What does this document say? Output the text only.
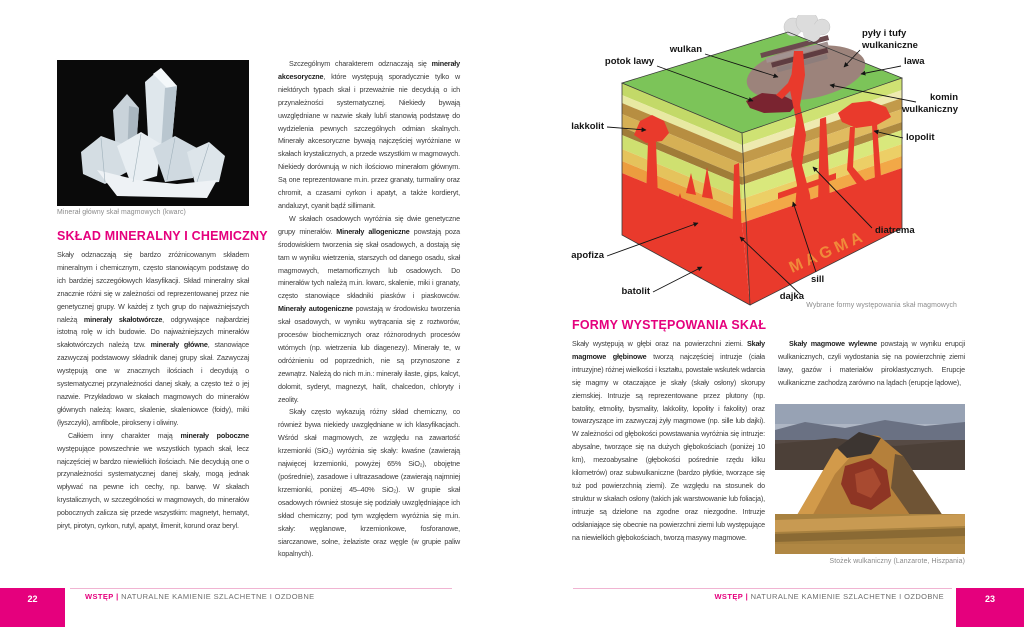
Minerał główny skał magmowych (kwarc)
SKŁAD MINERALNY I CHEMICZNY

Skały odznaczają się bardzo zróżnicowanym składem mineralnym i chemicznym, często stanowiącym podstawę do ich bardziej szczegółowych klasyfikacji. Skład mineralny skał znacznie różni się w zależności od reprezentowanej przez nie genetycznej grupy. W każdej z tych grup do najważniejszych należą minerały skałotwórcze, odgrywające najbardziej istotną rolę w ich budowie. Do najważniejszych minerałów skałotwórczych należą tzw. minerały główne, stanowiące zazwyczaj podstawowy składnik danej grupy skał. Zazwyczaj występują one w znacznych ilościach i decydują o systematycznej przynależności danej skały, a często też o jej nazwie. Przykładowo w skałach magmowych do minerałów głównych należą: kwarc, skalenie, skaleniowce (foidy), miki (łyszczyki), amfibole, pirokseny i oliwiny.

Całkiem inny charakter mają minerały poboczne występujące powszechnie we wszystkich typach skał, lecz najczęściej w bardzo niewielkich ilościach. Nie decydują one o przynależności systematycznej danej skały, mogą jednak wpływać na pewne ich cechy, np. barwę. W skałach krystalicznych, w szczególności w magmowych, do minerałów pobocznych zalicza się przede wszystkim: magnetyt, hematyt, piryt, pirotyn, cyrkon, rutyl, apatyt, ilmenit, korund oraz beryl.

Szczególnym charakterem odznaczają się minerały akcesoryczne, które występują sporadycznie tylko w niektórych typach skał i przeważnie nie decydują o ich przynależności systematycznej. Niekiedy bywają uwzględniane w nazwie skały lub/i stanowią podstawę do wydzielenia pewnych szczególnych odmian skalnych. Minerały akcesoryczne bywają najczęściej wyróżniane w skałach krystalicznych, a przede wszystkim w magmowych. Niekiedy dorównują w nich ilościowo minerałom głównym. Są one reprezentowane m.in. przez granaty, turmaliny oraz chromit, a czasami cyrkon i apatyt, a także kordieryt, andaluzyt, cyanit bądź sillimanit.

W skałach osadowych wyróżnia się dwie genetyczne grupy minerałów. Minerały allogeniczne powstają poza środowiskiem tworzenia się skał osadowych, a dostają się tam w wyniku wietrzenia, starszych od danego osadu, skał magmowych, metamorficznych lub osadowych. Do minerałów tych należą m.in. kwarc, skalenie, miki i granaty, często stanowiące składniki piasków i piaskowców. Minerały autogeniczne powstają w środowisku tworzenia skał osadowych, w wyniku wytrącania się z roztworów, procesów biochemicznych oraz różnorodnych procesów wtórnych (np. wietrzenia lub diagenezy). Minerały te, w odróżnieniu od poprzednich, nie są przynoszone z zewnątrz. Należą do nich m.in.: minerały ilaste, gips, kalcyt, dolomit, syderyt, magnezyt, halit, chalcedon, chloryty i zeolity.

Skały często wykazują różny skład chemiczny, co również bywa niekiedy uwzględniane w ich klasyfikacjach. Wśród skał magmowych, ze względu na zawartość krzemionki (SiO₂) wyróżnia się skały: kwaśne (zawierają najwięcej krzemionki, powyżej 65% SiO₂), obojętne (pośrednie), zasadowe i ultrazasadowe (zawierają najmniej krzemionki, poniżej 45–40% SiO₂). W grupie skał osadowych również stosuje się podziały uwzględniające ich skład chemiczny; pod tym względem wyróżnia się m.in. skały: węglanowe, krzemionkowe, fosforanowe, siarczanowe, solne, żelaziste oraz węgle (w grupie paliw kopalnych).

MAGMA
wulkan
potok lawy
pyły i tufy
wulkaniczne
lawa
komin
wulkaniczny
lopolit
lakkolit
apofiza
batolit	dajka
sill
diatrema
Wybrane formy występowania skał magmowych
FORMY WYSTĘPOWANIA SKAŁ

Skały występują w głębi oraz na powierzchni ziemi. Skały magmowe głębinowe tworzą najczęściej intruzje (ciała intruzyjne) różnej wielkości i kształtu, powstałe wskutek wdarcia się magmy w otaczające je skały (skały osłony) skorupy ziemskiej. Intruzje są reprezentowane przez plutony (np. batolity, etmolity, bysmality, lakkolity, lopolity i fakolity) oraz towarzyszące im zazwyczaj żyły magmowe (np. sille lub dajki). W zależności od głębokości powstawania wyróżnia się intruzje: abysalne, tworzące się na dużych głębokościach (poniżej 10 km), mezoabysalne (głębokości pośrednie rzędu kilku kilometrów) oraz subwulkaniczne (bardzo płytkie, tworzące się tuż pod powierzchnią ziemi). Ze względu na stosunek do struktur w skałach osłony (takich jak warstwowanie lub foliacja), intruzje są dzielone na zgodne oraz niezgodne. Intruzje odsłaniające się obecnie na powierzchni ziemi lub występujące na niewielkich głębokościach, tworzą masywy magmowe.

Skały magmowe wylewne powstają w wyniku erupcji wulkanicznych, czyli wydostania się na powierzchnię ziemi lawy, gazów i materiałów piroklastycznych. Erupcje wulkaniczne zachodzą zarówno na lądach (erupcje lądowe),

Stożek wulkaniczny (Lanzarote, Hiszpania)
22	23
WSTĘP | NATURALNE KAMIENIE SZLACHETNE I OZDOBNE	WSTĘP | NATURALNE KAMIENIE SZLACHETNE I OZDOBNE
